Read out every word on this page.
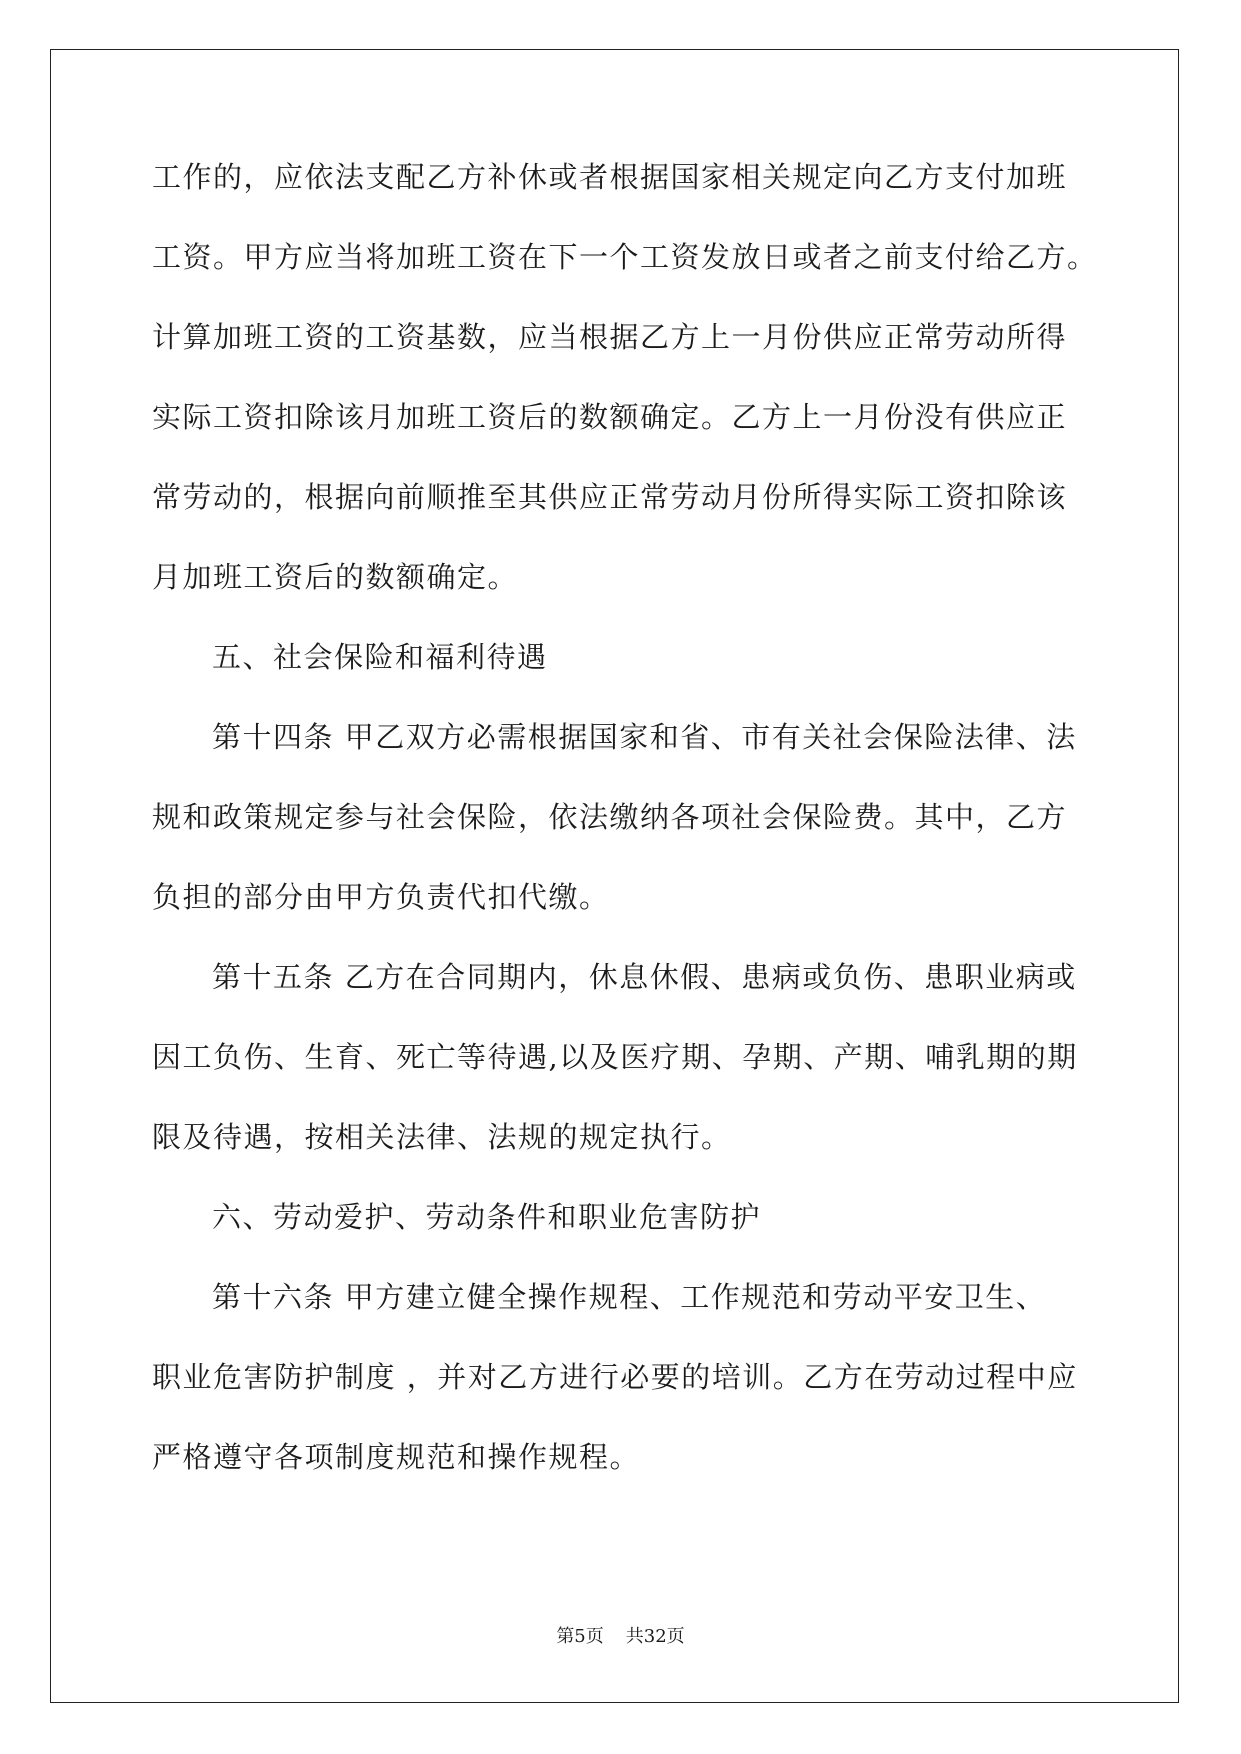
工作的，应依法支配乙方补休或者根据国家相关规定向乙方支付加班
工资。甲方应当将加班工资在下一个工资发放日或者之前支付给乙方。
计算加班工资的工资基数，应当根据乙方上一月份供应正常劳动所得
实际工资扣除该月加班工资后的数额确定。乙方上一月份没有供应正
常劳动的，根据向前顺推至其供应正常劳动月份所得实际工资扣除该
月加班工资后的数额确定。
五、社会保险和福利待遇
第十四条 甲乙双方必需根据国家和省、市有关社会保险法律、法
规和政策规定参与社会保险，依法缴纳各项社会保险费。其中，乙方
负担的部分由甲方负责代扣代缴。
第十五条 乙方在合同期内，休息休假、患病或负伤、患职业病或
因工负伤、生育、死亡等待遇,以及医疗期、孕期、产期、哺乳期的期
限及待遇，按相关法律、法规的规定执行。
六、劳动爱护、劳动条件和职业危害防护
第十六条 甲方建立健全操作规程、工作规范和劳动平安卫生、
职业危害防护制度 ，并对乙方进行必要的培训。乙方在劳动过程中应
严格遵守各项制度规范和操作规程。
第5页 共32页
